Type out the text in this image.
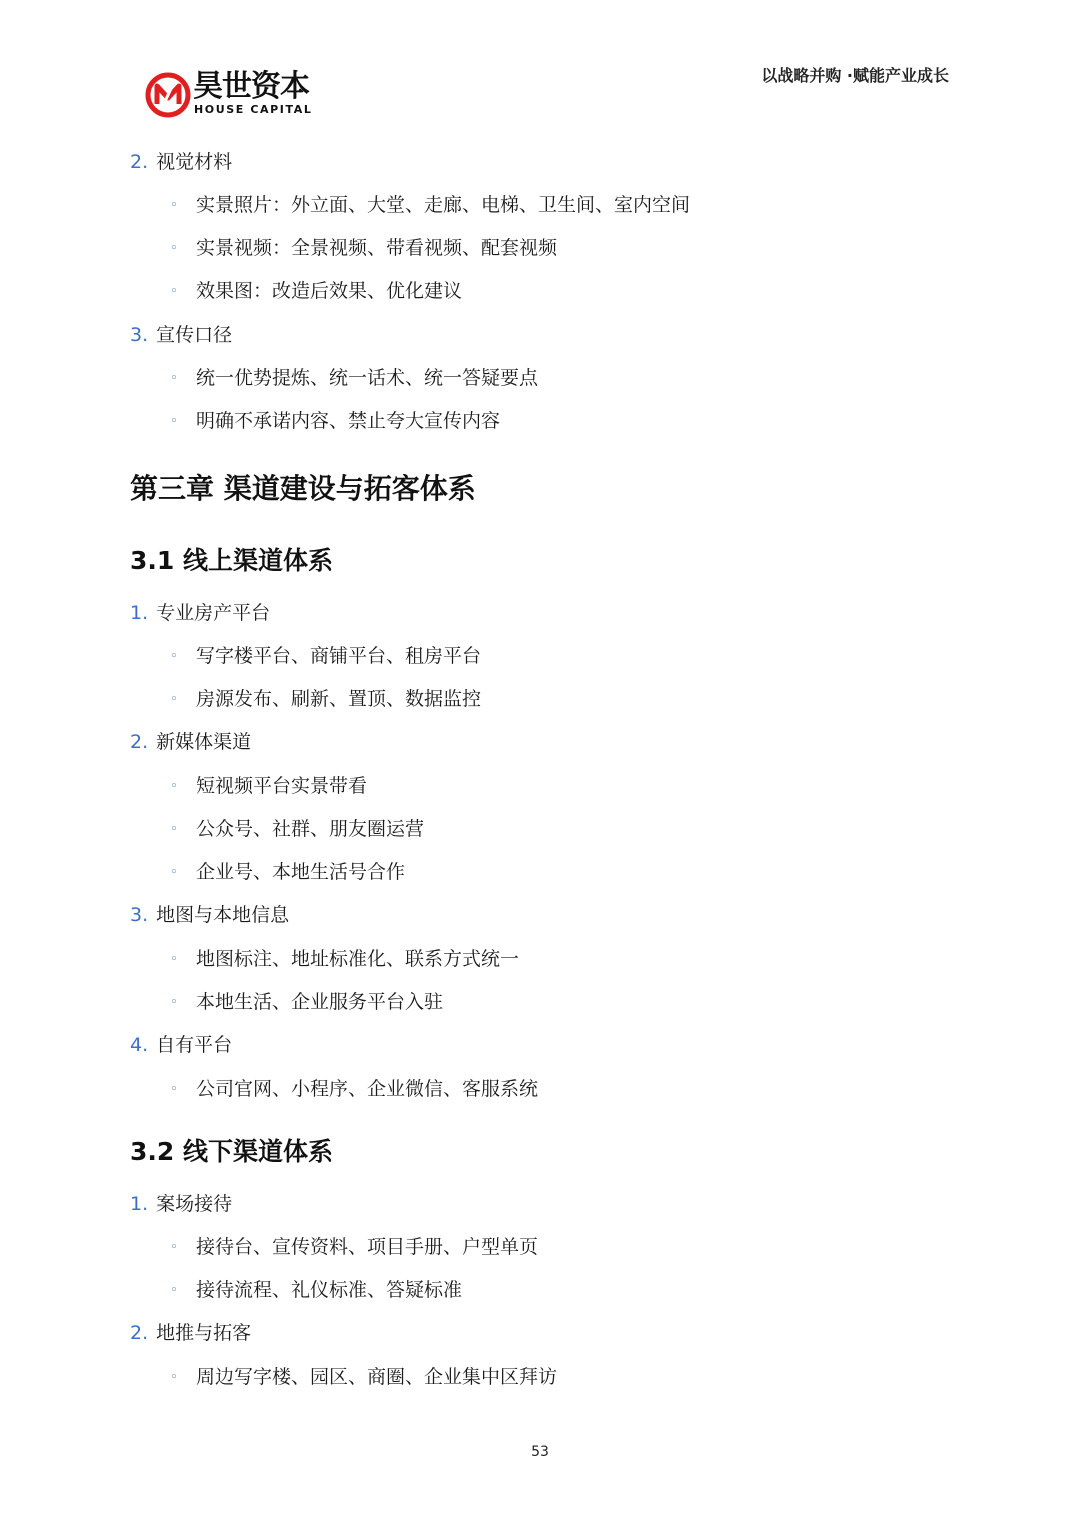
昊世资本
HOUSE CAPITAL
以战略并购 ·赋能产业成长
2. 视觉材料
◦ 实景照片：外立面、大堂、走廊、电梯、卫生间、室内空间
◦ 实景视频：全景视频、带看视频、配套视频
◦ 效果图：改造后效果、优化建议
3. 宣传口径
◦ 统一优势提炼、统一话术、统一答疑要点
◦ 明确不承诺内容、禁止夸大宣传内容
第三章 渠道建设与拓客体系
3.1 线上渠道体系
1. 专业房产平台
◦ 写字楼平台、商铺平台、租房平台
◦ 房源发布、刷新、置顶、数据监控
2. 新媒体渠道
◦ 短视频平台实景带看
◦ 公众号、社群、朋友圈运营
◦ 企业号、本地生活号合作
3. 地图与本地信息
◦ 地图标注、地址标准化、联系方式统一
◦ 本地生活、企业服务平台入驻
4. 自有平台
◦ 公司官网、小程序、企业微信、客服系统
3.2 线下渠道体系
1. 案场接待
◦ 接待台、宣传资料、项目手册、户型单页
◦ 接待流程、礼仪标准、答疑标准
2. 地推与拓客
◦ 周边写字楼、园区、商圈、企业集中区拜访
53
